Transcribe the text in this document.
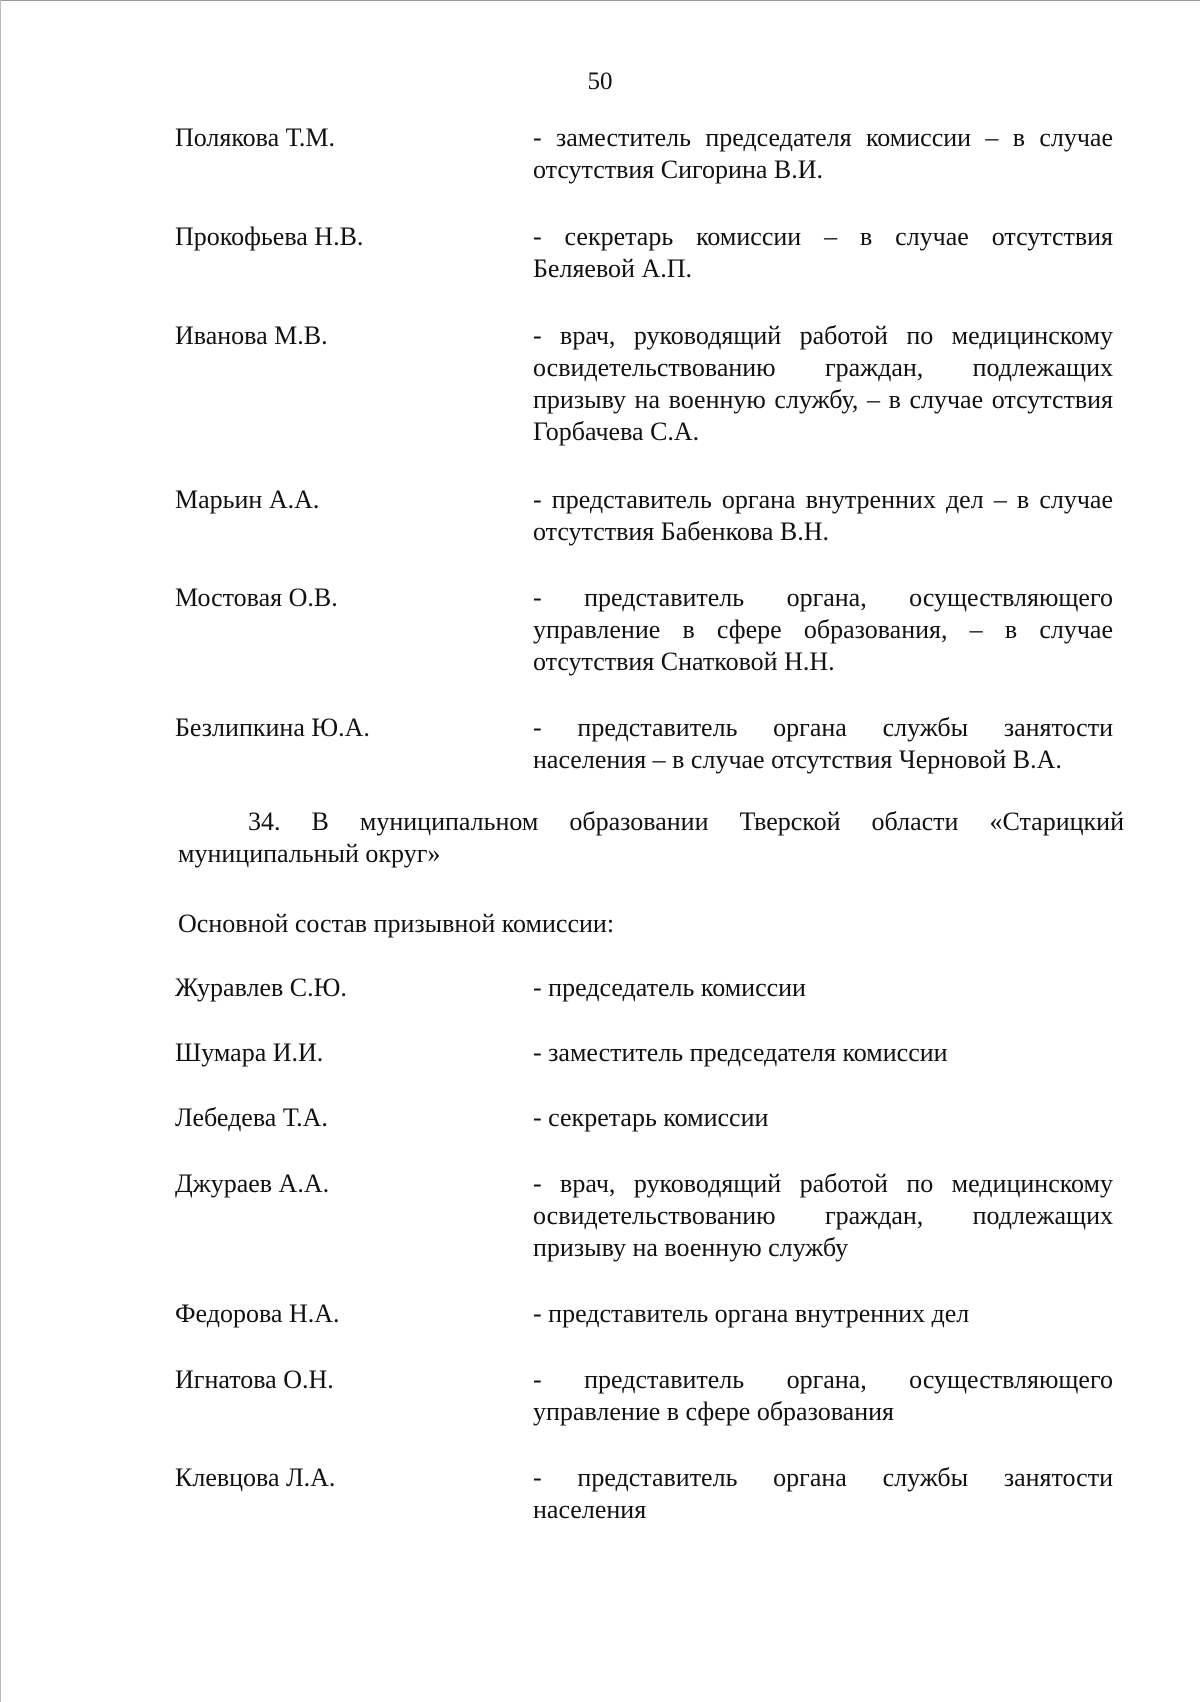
50
Полякова Т.М.	- заместитель председателя комиссии – в случае отсутствия Сигорина В.И.
Прокофьева Н.В.	- секретарь комиссии – в случае отсутствия Беляевой А.П.
Иванова М.В.	- врач, руководящий работой по медицинскому освидетельствованию граждан, подлежащих призыву на военную службу, – в случае отсутствия Горбачева С.А.
Марьин А.А.	- представитель органа внутренних дел – в случае отсутствия Бабенкова В.Н.
Мостовая О.В.	- представитель органа, осуществляющего управление в сфере образования, – в случае отсутствия Снатковой Н.Н.
Безлипкина Ю.А.	- представитель органа службы занятости населения – в случае отсутствия Черновой В.А.
34. В муниципальном образовании Тверской области «Старицкий муниципальный округ»
Основной состав призывной комиссии:
Журавлев С.Ю.	- председатель комиссии
Шумара И.И.	- заместитель председателя комиссии
Лебедева Т.А.	- секретарь комиссии
Джураев А.А.	- врач, руководящий работой по медицинскому освидетельствованию граждан, подлежащих призыву на военную службу
Федорова Н.А.	- представитель органа внутренних дел
Игнатова О.Н.	- представитель органа, осуществляющего управление в сфере образования
Клевцова Л.А.	- представитель органа службы занятости населения
